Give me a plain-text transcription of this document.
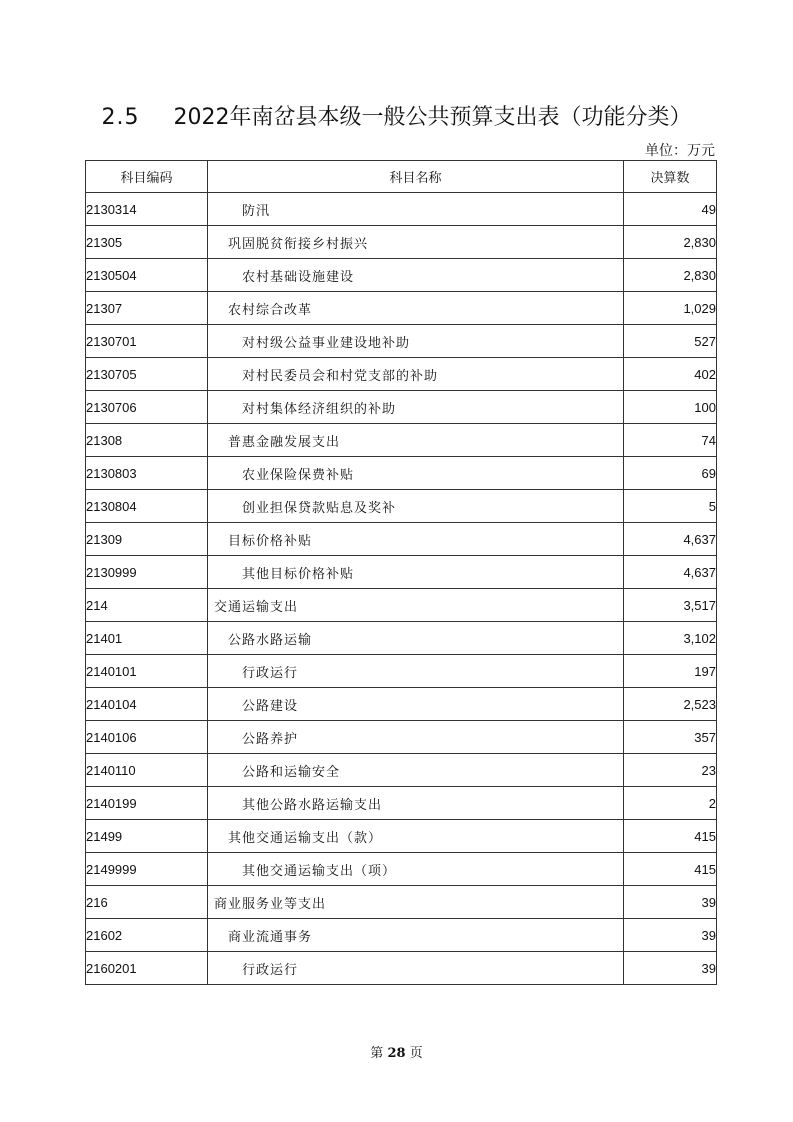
2.5 2022年南岔县本级一般公共预算支出表（功能分类）
单位：万元
科目编码	科目名称	决算数
2130314	防汛	49
21305	巩固脱贫衔接乡村振兴	2,830
2130504	农村基础设施建设	2,830
21307	农村综合改革	1,029
2130701	对村级公益事业建设地补助	527
2130705	对村民委员会和村党支部的补助	402
2130706	对村集体经济组织的补助	100
21308	普惠金融发展支出	74
2130803	农业保险保费补贴	69
2130804	创业担保贷款贴息及奖补	5
21309	目标价格补贴	4,637
2130999	其他目标价格补贴	4,637
214	交通运输支出	3,517
21401	公路水路运输	3,102
2140101	行政运行	197
2140104	公路建设	2,523
2140106	公路养护	357
2140110	公路和运输安全	23
2140199	其他公路水路运输支出	2
21499	其他交通运输支出（款）	415
2149999	其他交通运输支出（项）	415
216	商业服务业等支出	39
21602	商业流通事务	39
2160201	行政运行	39
第 28 页
